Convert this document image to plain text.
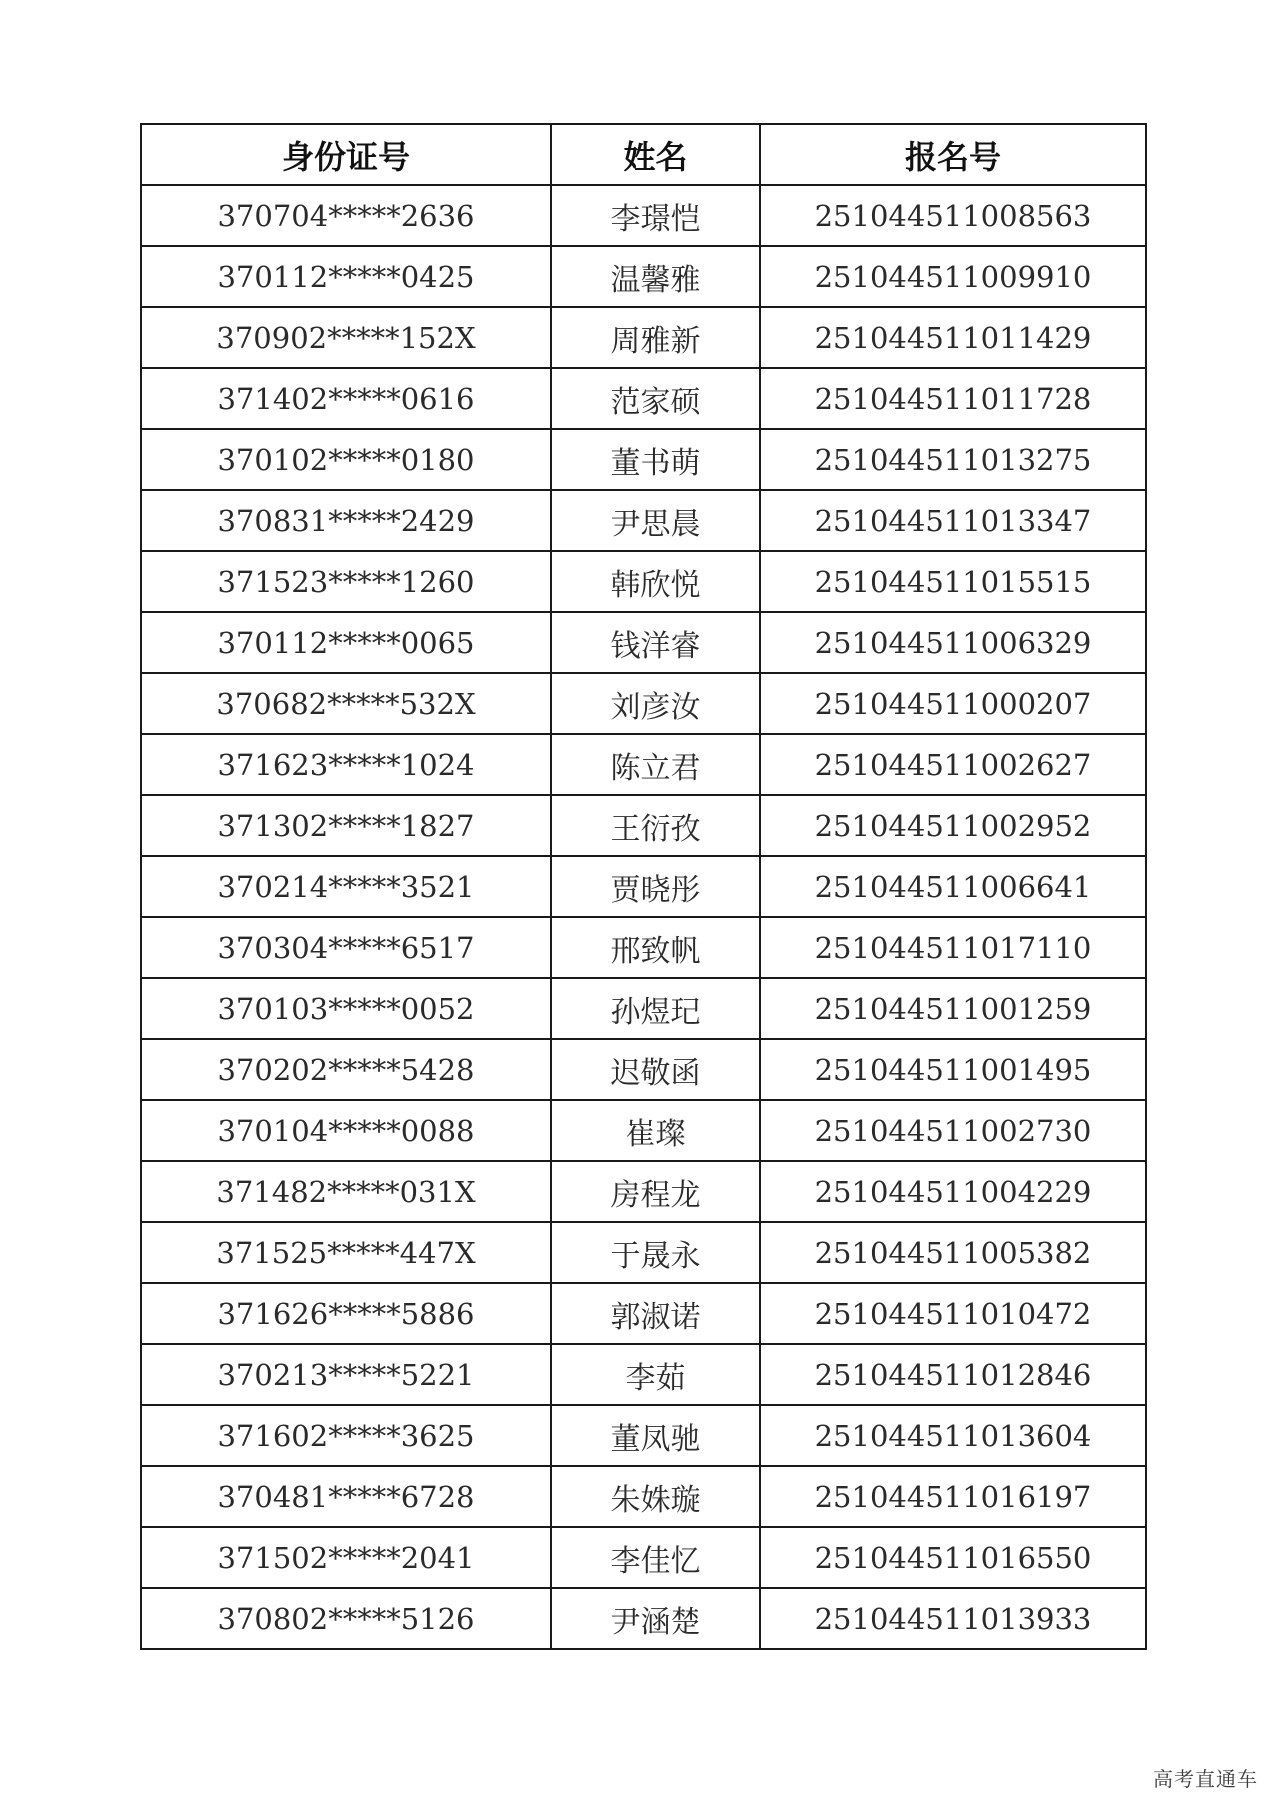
身份证号	姓名	报名号
370704*****2636	李璟恺	251044511008563
370112*****0425	温馨雅	251044511009910
370902*****152X	周雅新	251044511011429
371402*****0616	范家硕	251044511011728
370102*****0180	董书萌	251044511013275
370831*****2429	尹思晨	251044511013347
371523*****1260	韩欣悦	251044511015515
370112*****0065	钱洋睿	251044511006329
370682*****532X	刘彦汝	251044511000207
371623*****1024	陈立君	251044511002627
371302*****1827	王衍孜	251044511002952
370214*****3521	贾晓彤	251044511006641
370304*****6517	邢致帆	251044511017110
370103*****0052	孙煜玘	251044511001259
370202*****5428	迟敬函	251044511001495
370104*****0088	崔璨	251044511002730
371482*****031X	房程龙	251044511004229
371525*****447X	于晟永	251044511005382
371626*****5886	郭淑诺	251044511010472
370213*****5221	李茹	251044511012846
371602*****3625	董凤驰	251044511013604
370481*****6728	朱姝璇	251044511016197
371502*****2041	李佳忆	251044511016550
370802*****5126	尹涵楚	251044511013933
高考直通车
